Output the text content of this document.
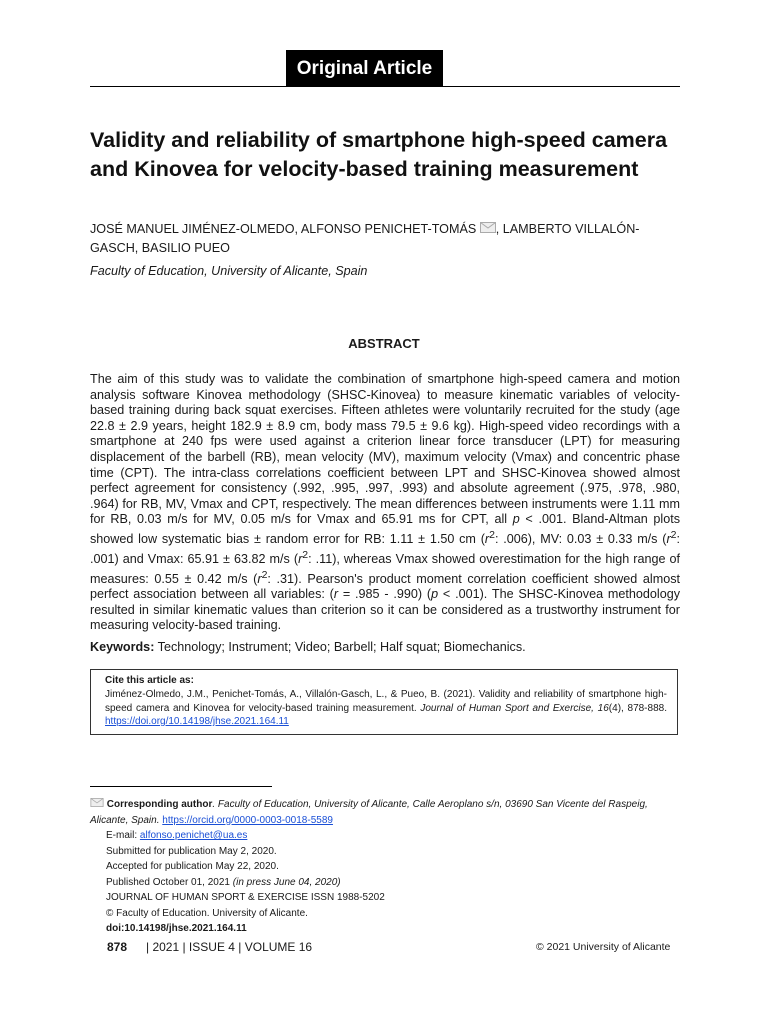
Original Article
Validity and reliability of smartphone high-speed camera and Kinovea for velocity-based training measurement
JOSÉ MANUEL JIMÉNEZ-OLMEDO, ALFONSO PENICHET-TOMÁS , LAMBERTO VILLALÓN-GASCH, BASILIO PUEO
Faculty of Education, University of Alicante, Spain
ABSTRACT
The aim of this study was to validate the combination of smartphone high-speed camera and motion analysis software Kinovea methodology (SHSC-Kinovea) to measure kinematic variables of velocity-based training during back squat exercises. Fifteen athletes were voluntarily recruited for the study (age 22.8 ± 2.9 years, height 182.9 ± 8.9 cm, body mass 79.5 ± 9.6 kg). High-speed video recordings with a smartphone at 240 fps were used against a criterion linear force transducer (LPT) for measuring displacement of the barbell (RB), mean velocity (MV), maximum velocity (Vmax) and concentric phase time (CPT). The intra-class correlations coefficient between LPT and SHSC-Kinovea showed almost perfect agreement for consistency (.992, .995, .997, .993) and absolute agreement (.975, .978, .980, .964) for RB, MV, Vmax and CPT, respectively. The mean differences between instruments were 1.11 mm for RB, 0.03 m/s for MV, 0.05 m/s for Vmax and 65.91 ms for CPT, all p < .001. Bland-Altman plots showed low systematic bias ± random error for RB: 1.11 ± 1.50 cm ($r^2$: .006), MV: 0.03 ± 0.33 m/s ($r^2$: .001) and Vmax: 65.91 ± 63.82 m/s ($r^2$: .11), whereas Vmax showed overestimation for the high range of measures: 0.55 ± 0.42 m/s ($r^2$: .31). Pearson's product moment correlation coefficient showed almost perfect association between all variables: (r = .985 - .990) (p < .001). The SHSC-Kinovea methodology resulted in similar kinematic values than criterion so it can be considered as a trustworthy instrument for measuring velocity-based training.
Keywords: Technology; Instrument; Video; Barbell; Half squat; Biomechanics.
Cite this article as:
Jiménez-Olmedo, J.M., Penichet-Tomás, A., Villalón-Gasch, L., & Pueo, B. (2021). Validity and reliability of smartphone high-speed camera and Kinovea for velocity-based training measurement. Journal of Human Sport and Exercise, 16(4), 878-888. https://doi.org/10.14198/jhse.2021.164.11
Corresponding author. Faculty of Education, University of Alicante, Calle Aeroplano s/n, 03690 San Vicente del Raspeig, Alicante, Spain. https://orcid.org/0000-0003-0018-5589
E-mail: alfonso.penichet@ua.es
Submitted for publication May 2, 2020.
Accepted for publication May 22, 2020.
Published October 01, 2021 (in press June 04, 2020)
JOURNAL OF HUMAN SPORT & EXERCISE ISSN 1988-5202
© Faculty of Education. University of Alicante.
doi:10.14198/jhse.2021.164.11
878 | 2021 | ISSUE 4 | VOLUME 16	© 2021 University of Alicante
